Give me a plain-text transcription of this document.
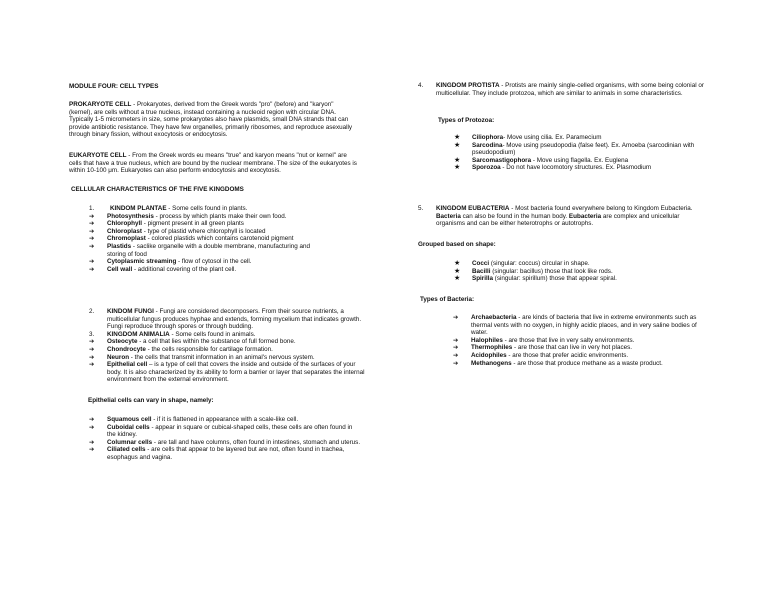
MODULE FOUR: CELL TYPES

PROKARYOTE CELL - Prokaryotes, derived from the Greek words "pro" (before) and "karyon" (kernel), are cells without a true nucleus, instead containing a nucleoid region with circular DNA. Typically 1-5 micrometers in size, some prokaryotes also have plasmids, small DNA strands that can provide antibiotic resistance. They have few organelles, primarily ribosomes, and reproduce asexually through binary fission, without exocytosis or endocytosis.

EUKARYOTE CELL - From the Greek words eu means "true" and karyon means "nut or kernel" are cells that have a true nucleus, which are bound by the nuclear membrane. The size of the eukaryotes is within 10-100 μm. Eukaryotes can also perform endocytosis and exocytosis.

CELLULAR CHARACTERISTICS OF THE FIVE KINGDOMS

1.	KINDOM PLANTAE - Some cells found in plants.
➔	Photosynthesis - process by which plants make their own food.
➔	Chlorophyll - pigment present in all green plants
➔	Chloroplast - type of plastid where chlorophyll is located
➔	Chromoplast - colored plastids which contains carotenoid pigment
➔	Plastids - saclike organelle with a double membrane, manufacturing and storing of food
➔	Cytoplasmic streaming - flow of cytosol in the cell.
➔	Cell wall - additional covering of the plant cell.
2.	KINDOM FUNGI - Fungi are considered decomposers. From their source nutrients, a multicellular fungus produces hyphae and extends, forming mycelium that indicates growth. Fungi reproduce through spores or through budding.
3.	KINGDOM ANIMALIA - Some cells found in animals.
➔	Osteocyte - a cell that lies within the substance of full formed bone.
➔	Chondrocyte - the cells responsible for cartilage formation.
➔	Neuron - the cells that transmit information in an animal's nervous system.
➔	Epithelial cell – is a type of cell that covers the inside and outside of the surfaces of your body. It is also characterized by its ability to form a barrier or layer that separates the internal environment from the external environment.

Epithelial cells can vary in shape, namely:

➔	Squamous cell - if it is flattened in appearance with a scale-like cell.
➔	Cuboidal cells - appear in square or cubical-shaped cells, these cells are often found in the kidney.
➔	Columnar cells - are tall and have columns, often found in intestines, stomach and uterus.
➔	Ciliated cells - are cells that appear to be layered but are not, often found in trachea, esophagus and vagina.
4.	KINGDOM PROTISTA - Protists are mainly single-celled organisms, with some being colonial or multicellular. They include protozoa, which are similar to animals in some characteristics.

Types of Protozoa:

★	Ciliophora- Move using cilia. Ex. Paramecium
★	Sarcodina- Move using pseudopodia (false feet). Ex. Amoeba (sarcodinian with pseudopodium)
★	Sarcomastigophora - Move using flagella. Ex. Euglena
★	Sporozoa - Do not have locomotory structures. Ex. Plasmodium
5.	KINGDOM EUBACTERIA - Most bacteria found everywhere belong to Kingdom Eubacteria. Bacteria can also be found in the human body. Eubacteria are complex and unicellular organisms and can be either heterotrophs or autotrophs.

Grouped based on shape:

★	Cocci (singular: coccus) circular in shape.
★	Bacilli (singular: bacillus) those that look like rods.
★	Spirilla (singular: spirillum) those that appear spiral.

Types of Bacteria:

➔	Archaebacteria - are kinds of bacteria that live in extreme environments such as thermal vents with no oxygen, in highly acidic places, and in very saline bodies of water.
➔	Halophiles - are those that live in very salty environments.
➔	Thermophiles - are those that can live in very hot places.
➔	Acidophiles - are those that prefer acidic environments.
➔	Methanogens - are those that produce methane as a waste product.
